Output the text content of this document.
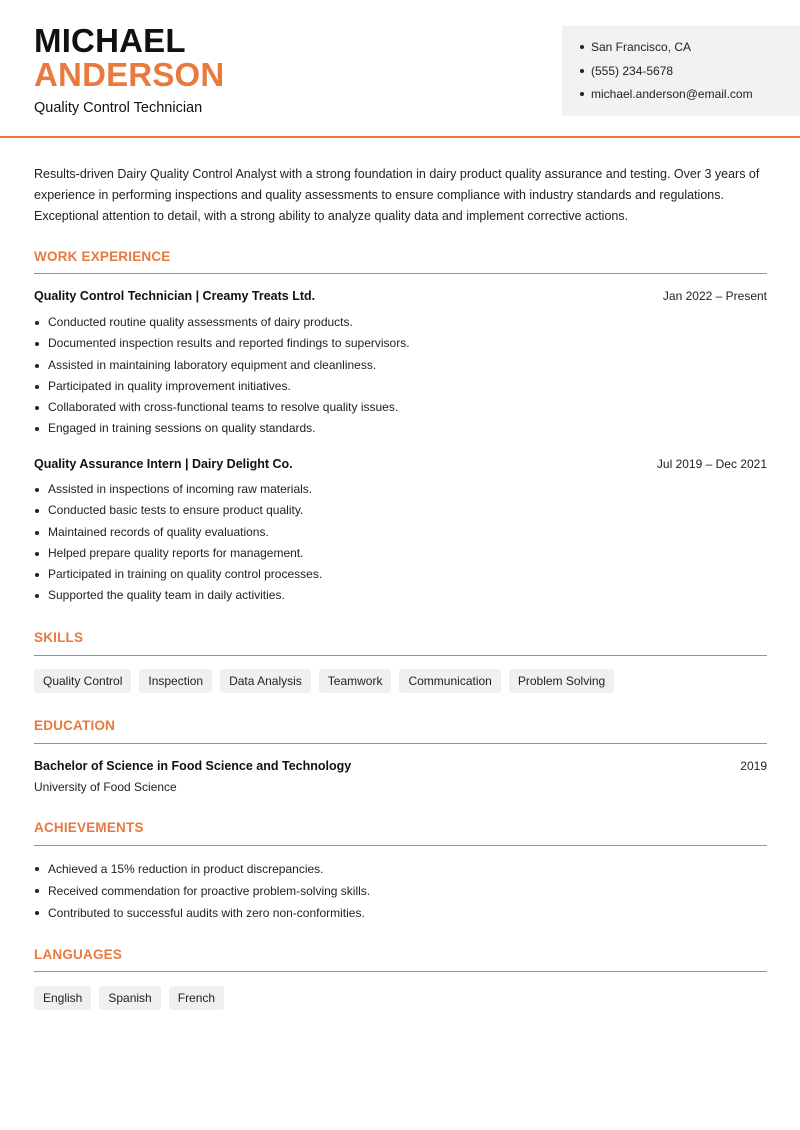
MICHAEL
ANDERSON
Quality Control Technician
San Francisco, CA
(555) 234-5678
michael.anderson@email.com

Results-driven Dairy Quality Control Analyst with a strong foundation in dairy product quality assurance and testing. Over 3 years of experience in performing inspections and quality assessments to ensure compliance with industry standards and regulations. Exceptional attention to detail, with a strong ability to analyze quality data and implement corrective actions.

WORK EXPERIENCE
Quality Control Technician | Creamy Treats Ltd.	Jan 2022 – Present
Conducted routine quality assessments of dairy products.
Documented inspection results and reported findings to supervisors.
Assisted in maintaining laboratory equipment and cleanliness.
Participated in quality improvement initiatives.
Collaborated with cross-functional teams to resolve quality issues.
Engaged in training sessions on quality standards.
Quality Assurance Intern | Dairy Delight Co.	Jul 2019 – Dec 2021
Assisted in inspections of incoming raw materials.
Conducted basic tests to ensure product quality.
Maintained records of quality evaluations.
Helped prepare quality reports for management.
Participated in training on quality control processes.
Supported the quality team in daily activities.
SKILLS
Quality Control	Inspection	Data Analysis	Teamwork	Communication	Problem Solving
EDUCATION
Bachelor of Science in Food Science and Technology	2019
University of Food Science
ACHIEVEMENTS
Achieved a 15% reduction in product discrepancies.
Received commendation for proactive problem-solving skills.
Contributed to successful audits with zero non-conformities.
LANGUAGES
English	Spanish	French
